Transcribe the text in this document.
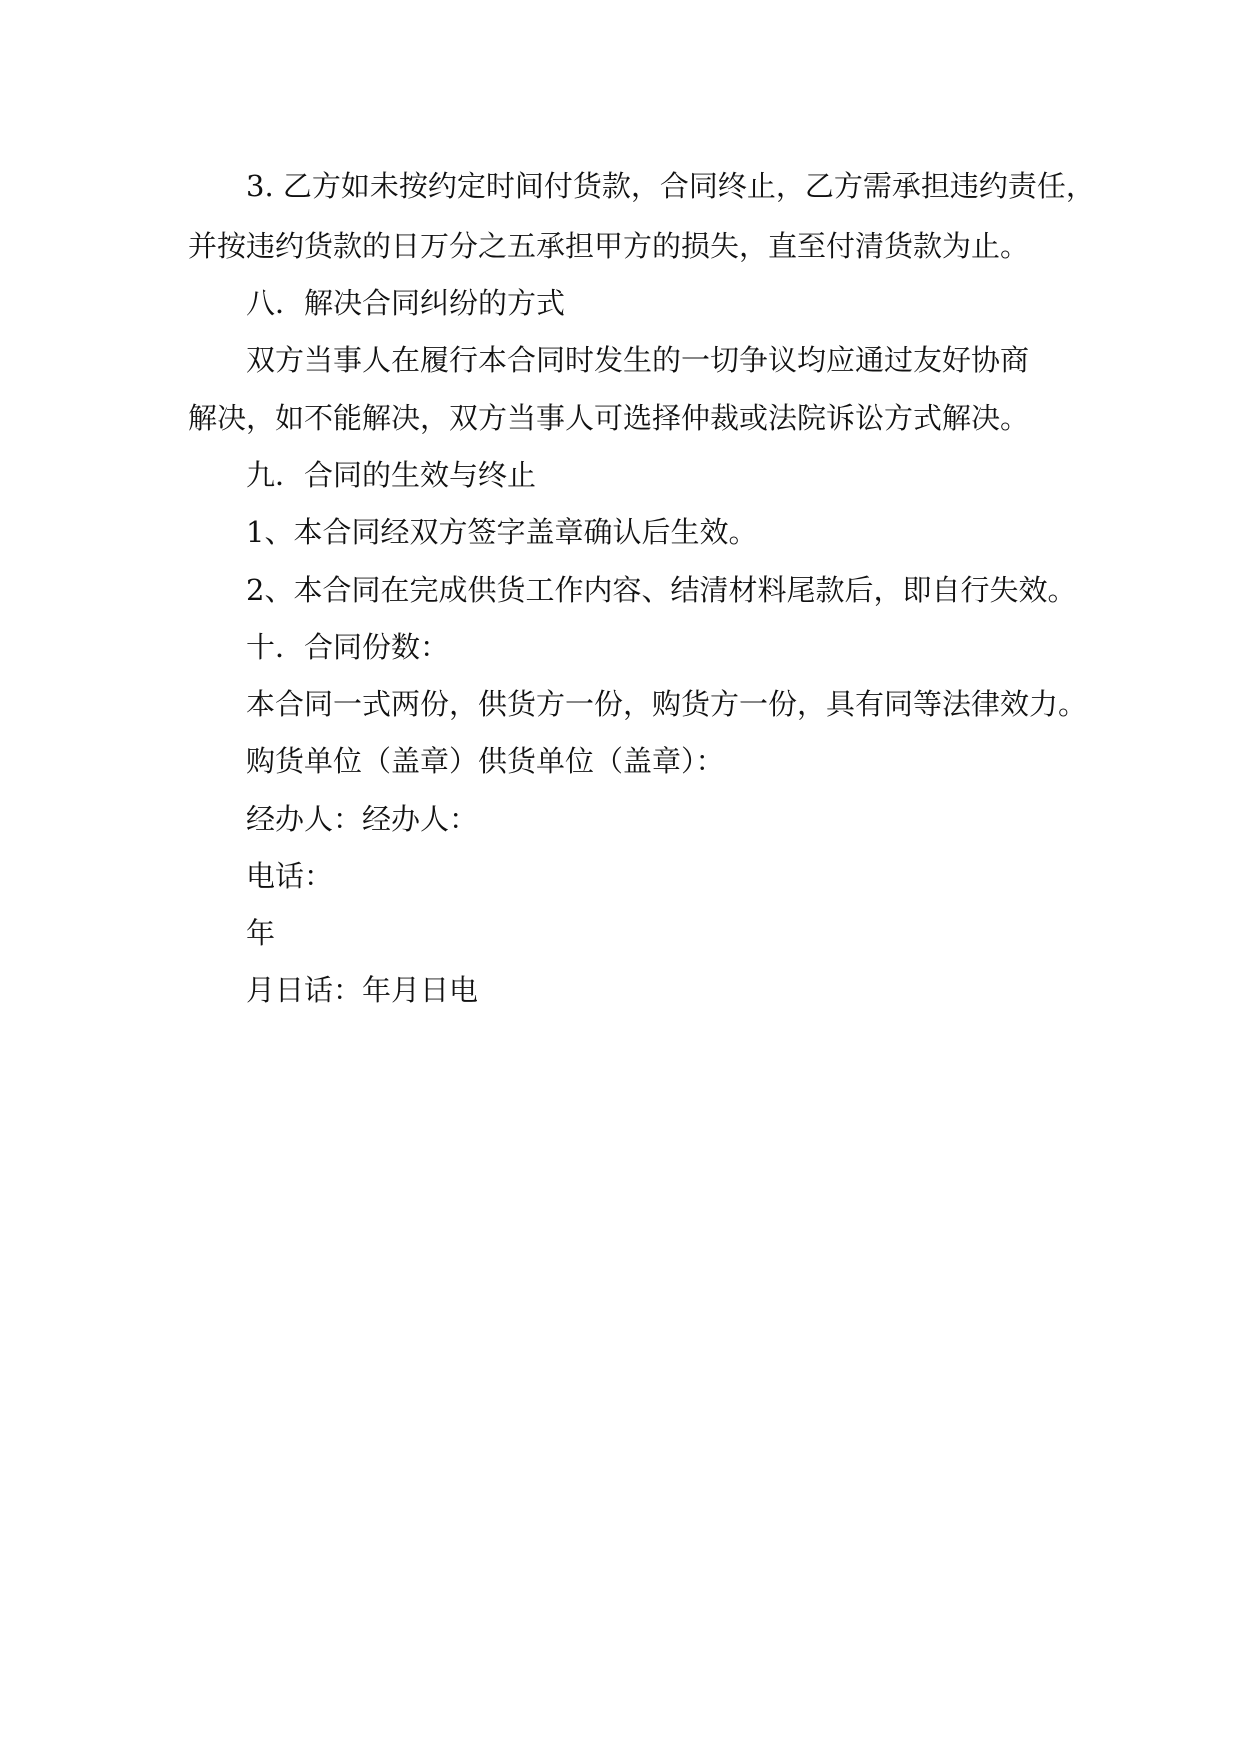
3. 乙方如未按约定时间付货款，合同终止，乙方需承担违约责任，
并按违约货款的日万分之五承担甲方的损失，直至付清货款为止。
八．解决合同纠纷的方式
双方当事人在履行本合同时发生的一切争议均应通过友好协商
解决，如不能解决，双方当事人可选择仲裁或法院诉讼方式解决。
九．合同的生效与终止
1、本合同经双方签字盖章确认后生效。
2、本合同在完成供货工作内容、结清材料尾款后，即自行失效。
十．合同份数：
本合同一式两份，供货方一份，购货方一份，具有同等法律效力。
购货单位（盖章）供货单位（盖章）：
经办人：经办人：
电话：
年
月日话：年月日电
